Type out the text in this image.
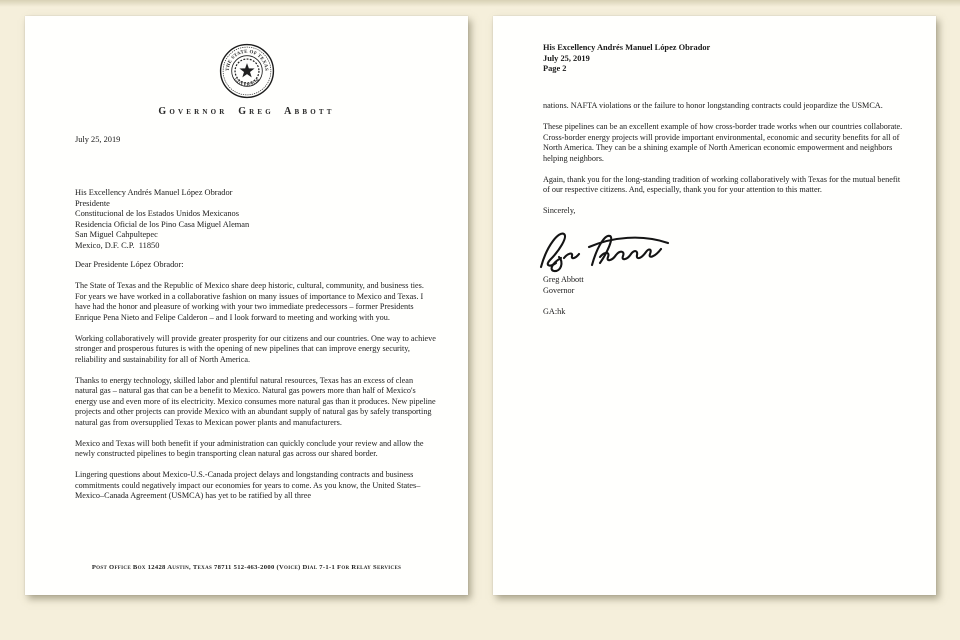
THE STATE OF TEXAS
GOVERNOR
Governor Greg Abbott
July 25, 2019
His Excellency Andrés Manuel López Obrador
Presidente
Constitucional de los Estados Unidos Mexicanos
Residencia Oficial de los Pino Casa Miguel Aleman
San Miguel Cahpultepec
Mexico, D.F. C.P.  11850
Dear Presidente López Obrador:

The State of Texas and the Republic of Mexico share deep historic, cultural, community, and business ties. For years we have worked in a collaborative fashion on many issues of importance to Mexico and Texas. I have had the honor and pleasure of working with your two immediate predecessors – former Presidents Enrique Pena Nieto and Felipe Calderon – and I look forward to meeting and working with you.

Working collaboratively will provide greater prosperity for our citizens and our countries. One way to achieve stronger and prosperous futures is with the opening of new pipelines that can improve energy security, reliability and sustainability for all of North America.

Thanks to energy technology, skilled labor and plentiful natural resources, Texas has an excess of clean natural gas – natural gas that can be a benefit to Mexico. Natural gas powers more than half of Mexico's energy use and even more of its electricity. Mexico consumes more natural gas than it produces. New pipeline projects and other projects can provide Mexico with an abundant supply of natural gas by safely transporting natural gas from oversupplied Texas to Mexican power plants and manufacturers.

Mexico and Texas will both benefit if your administration can quickly conclude your review and allow the newly constructed pipelines to begin transporting clean natural gas across our shared border.

Lingering questions about Mexico-U.S.-Canada project delays and longstanding contracts and business commitments could negatively impact our economies for years to come. As you know, the United States–Mexico–Canada Agreement (USMCA) has yet to be ratified by all three

Post Office Box 12428 Austin, Texas 78711 512-463-2000 (Voice) Dial 7-1-1 For Relay Services
His Excellency Andrés Manuel López Obrador
July 25, 2019
Page 2

nations. NAFTA violations or the failure to honor longstanding contracts could jeopardize the USMCA.

These pipelines can be an excellent example of how cross-border trade works when our countries collaborate. Cross-border energy projects will provide important environmental, economic and security benefits for all of North America. They can be a shining example of North American economic empowerment and neighbors helping neighbors.

Again, thank you for the long-standing tradition of working collaboratively with Texas for the mutual benefit of our respective citizens. And, especially, thank you for your attention to this matter.

Sincerely,

Greg Abbott
Governor
GA:hk
